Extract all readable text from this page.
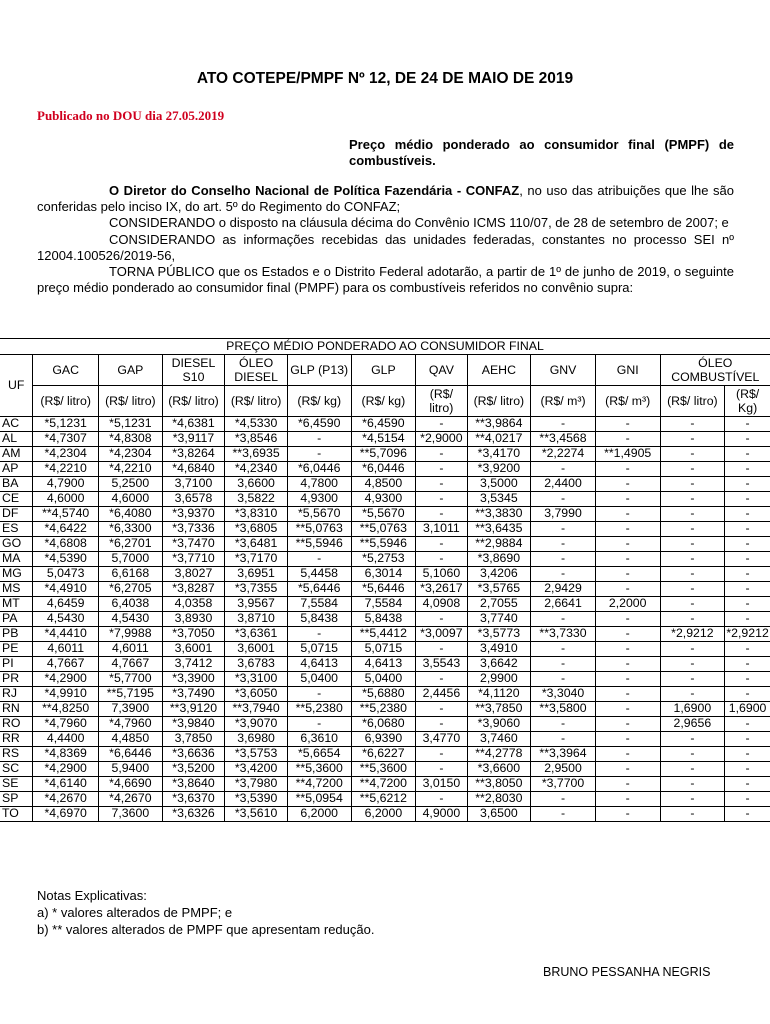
ATO COTEPE/PMPF Nº 12, DE 24 DE MAIO DE 2019
Publicado no DOU dia 27.05.2019
Preço médio ponderado ao consumidor final (PMPF) de combustíveis.

O Diretor do Conselho Nacional de Política Fazendária - CONFAZ, no uso das atribuições que lhe são conferidas pelo inciso IX, do art. 5º do Regimento do CONFAZ;

CONSIDERANDO o disposto na cláusula décima do Convênio ICMS 110/07, de 28 de setembro de 2007; e

CONSIDERANDO as informações recebidas das unidades federadas, constantes no processo SEI nº 12004.100526/2019-56,

TORNA PÚBLICO que os Estados e o Distrito Federal adotarão, a partir de 1º de junho de 2019, o seguinte preço médio ponderado ao consumidor final (PMPF) para os combustíveis referidos no convênio supra:

PREÇO MÉDIO PONDERADO AO CONSUMIDOR FINAL												
UF	GAC	GAP	DIESEL S10	ÓLEO DIESEL	GLP (P13)	GLP	QAV	AEHC	GNV	GNI	ÓLEO COMBUSTÍVEL	
	(R$/ litro)	(R$/ litro)	(R$/ litro)	(R$/ litro)	(R$/ kg)	(R$/ kg)	(R$/ litro)	(R$/ litro)	(R$/ m³)	(R$/ m³)	(R$/ litro)	(R$/ Kg)
AC	*5,1231	*5,1231	*4,6381	*4,5330	*6,4590	*6,4590	-	**3,9864	-	-	-	-
AL	*4,7307	*4,8308	*3,9117	*3,8546	-	*4,5154	*2,9000	**4,0217	**3,4568	-	-	-
AM	*4,2304	*4,2304	*3,8264	**3,6935	-	**5,7096	-	*3,4170	*2,2274	**1,4905	-	-
AP	*4,2210	*4,2210	*4,6840	*4,2340	*6,0446	*6,0446	-	*3,9200	-	-	-	-
BA	4,7900	5,2500	3,7100	3,6600	4,7800	4,8500	-	3,5000	2,4400	-	-	-
CE	4,6000	4,6000	3,6578	3,5822	4,9300	4,9300	-	3,5345	-	-	-	-
DF	**4,5740	*6,4080	*3,9370	*3,8310	*5,5670	*5,5670	-	**3,3830	3,7990	-	-	-
ES	*4,6422	*6,3300	*3,7336	*3,6805	**5,0763	**5,0763	3,1011	**3,6435	-	-	-	-
GO	*4,6808	*6,2701	*3,7470	*3,6481	**5,5946	**5,5946	-	**2,9884	-	-	-	-
MA	*4,5390	5,7000	*3,7710	*3,7170	-	*5,2753	-	*3,8690	-	-	-	-
MG	5,0473	6,6168	3,8027	3,6951	5,4458	6,3014	5,1060	3,4206	-	-	-	-
MS	*4,4910	*6,2705	*3,8287	*3,7355	*5,6446	*5,6446	*3,2617	*3,5765	2,9429	-	-	-
MT	4,6459	6,4038	4,0358	3,9567	7,5584	7,5584	4,0908	2,7055	2,6641	2,2000	-	-
PA	4,5430	4,5430	3,8930	3,8710	5,8438	5,8438	-	3,7740	-	-	-	-
PB	*4,4410	*7,9988	*3,7050	*3,6361	-	**5,4412	*3,0097	*3,5773	**3,7330	-	*2,9212	*2,9212
PE	4,6011	4,6011	3,6001	3,6001	5,0715	5,0715	-	3,4910	-	-	-	-
PI	4,7667	4,7667	3,7412	3,6783	4,6413	4,6413	3,5543	3,6642	-	-	-	-
PR	*4,2900	*5,7700	*3,3900	*3,3100	5,0400	5,0400	-	2,9900	-	-	-	-
RJ	*4,9910	**5,7195	*3,7490	*3,6050	-	*5,6880	2,4456	*4,1120	*3,3040	-	-	-
RN	**4,8250	7,3900	**3,9120	**3,7940	**5,2380	**5,2380	-	**3,7850	**3,5800	-	1,6900	1,6900
RO	*4,7960	*4,7960	*3,9840	*3,9070	-	*6,0680	-	*3,9060	-	-	2,9656	-
RR	4,4400	4,4850	3,7850	3,6980	6,3610	6,9390	3,4770	3,7460	-	-	-	-
RS	*4,8369	*6,6446	*3,6636	*3,5753	*5,6654	*6,6227	-	**4,2778	**3,3964	-	-	-
SC	*4,2900	5,9400	*3,5200	*3,4200	**5,3600	**5,3600	-	*3,6600	2,9500	-	-	-
SE	*4,6140	*4,6690	*3,8640	*3,7980	**4,7200	**4,7200	3,0150	**3,8050	*3,7700	-	-	-
SP	*4,2670	*4,2670	*3,6370	*3,5390	**5,0954	**5,6212	-	**2,8030	-	-	-	-
TO	*4,6970	7,3600	*3,6326	*3,5610	6,2000	6,2000	4,9000	3,6500	-	-	-	-
Notas Explicativas:
a) * valores alterados de PMPF; e
b) ** valores alterados de PMPF que apresentam redução.
BRUNO PESSANHA NEGRIS
